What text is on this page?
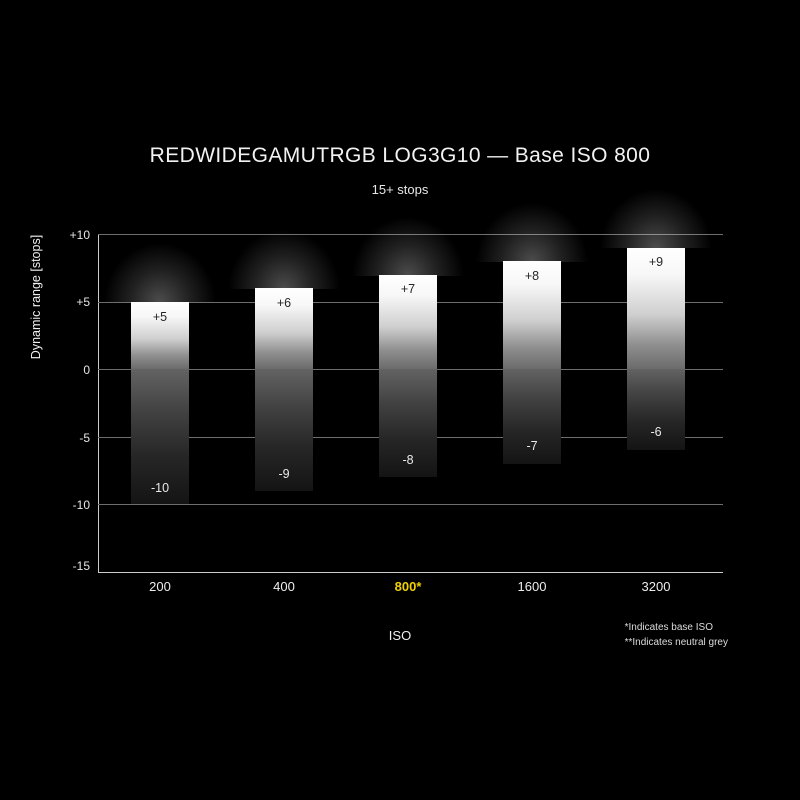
REDWIDEGAMUTRGB LOG3G10 — Base ISO 800
15+ stops
Dynamic range [stops]	+10
+5
0
-5
-10
-15
+5
-10
+6
-9
+7
-8
+8
-7
+9
-6
200	400	800*	1600	3200
ISO
*Indicates base ISO
**Indicates neutral grey
